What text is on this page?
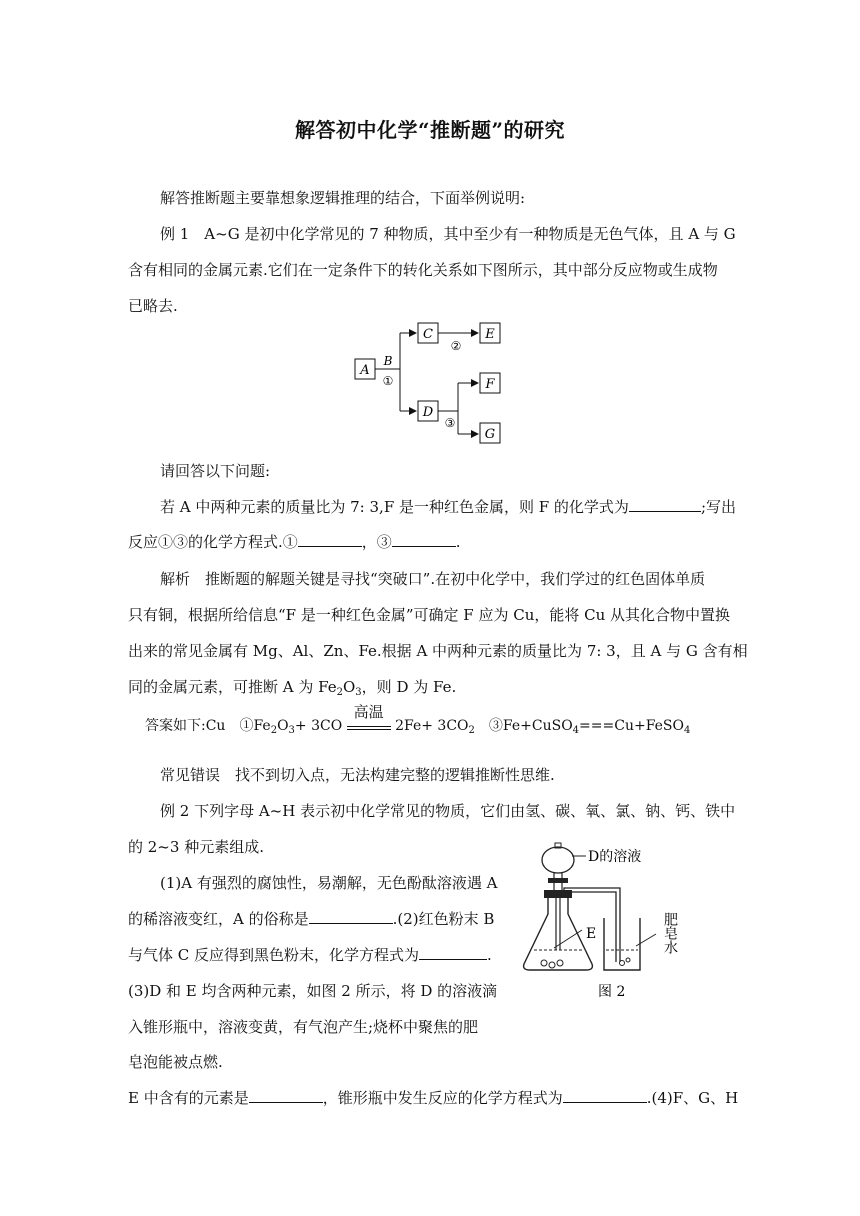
解答初中化学“推断题”的研究
解答推断题主要靠想象逻辑推理的结合，下面举例说明:
例 1　A~G 是初中化学常见的 7 种物质，其中至少有一种物质是无色气体，且 A 与 G
含有相同的金属元素.它们在一定条件下的转化关系如下图所示，其中部分反应物或生成物
已略去.
A
B
①
C
②
E
D
③
F
G
请回答以下问题:
若 A 中两种元素的质量比为 7: 3,F 是一种红色金属，则 F 的化学式为	;写出
反应①③的化学方程式.①	，③	.
解析　推断题的解题关键是寻找“突破口”.在初中化学中，我们学过的红色固体单质
只有铜，根据所给信息“F 是一种红色金属”可确定 F 应为 Cu，能将 Cu 从其化合物中置换
出来的常见金属有 Mg、Al、Zn、Fe.根据 A 中两种元素的质量比为 7: 3，且 A 与 G 含有相
同的金属元素，可推断 A 为 $Fe_2O_3$，则 D 为 Fe.
答案如下:Cu　$①Fe_2O_3+ 3CO$
高温
$2Fe+ 3CO_2$　③Fe+CuSO$_4$===Cu+FeSO$_4$
常见错误　找不到切入点，无法构建完整的逻辑推断性思维.
例 2 下列字母 A~H 表示初中化学常见的物质，它们由氢、碳、氧、氯、钠、钙、铁中
的 2~3 种元素组成.
(1)A 有强烈的腐蚀性，易潮解，无色酚酞溶液遇 A
的稀溶液变红，A 的俗称是	.(2)红色粉末 B
与气体 C 反应得到黑色粉末，化学方程式为	.
(3)D 和 E 均含两种元素，如图 2 所示，将 D 的溶液滴
入锥形瓶中，溶液变黄，有气泡产生;烧杯中聚焦的肥
皂泡能被点燃.
E 中含有的元素是	，锥形瓶中发生反应的化学方程式为	.(4)F、G、H
D的溶液
E	肥皂水
图 2
